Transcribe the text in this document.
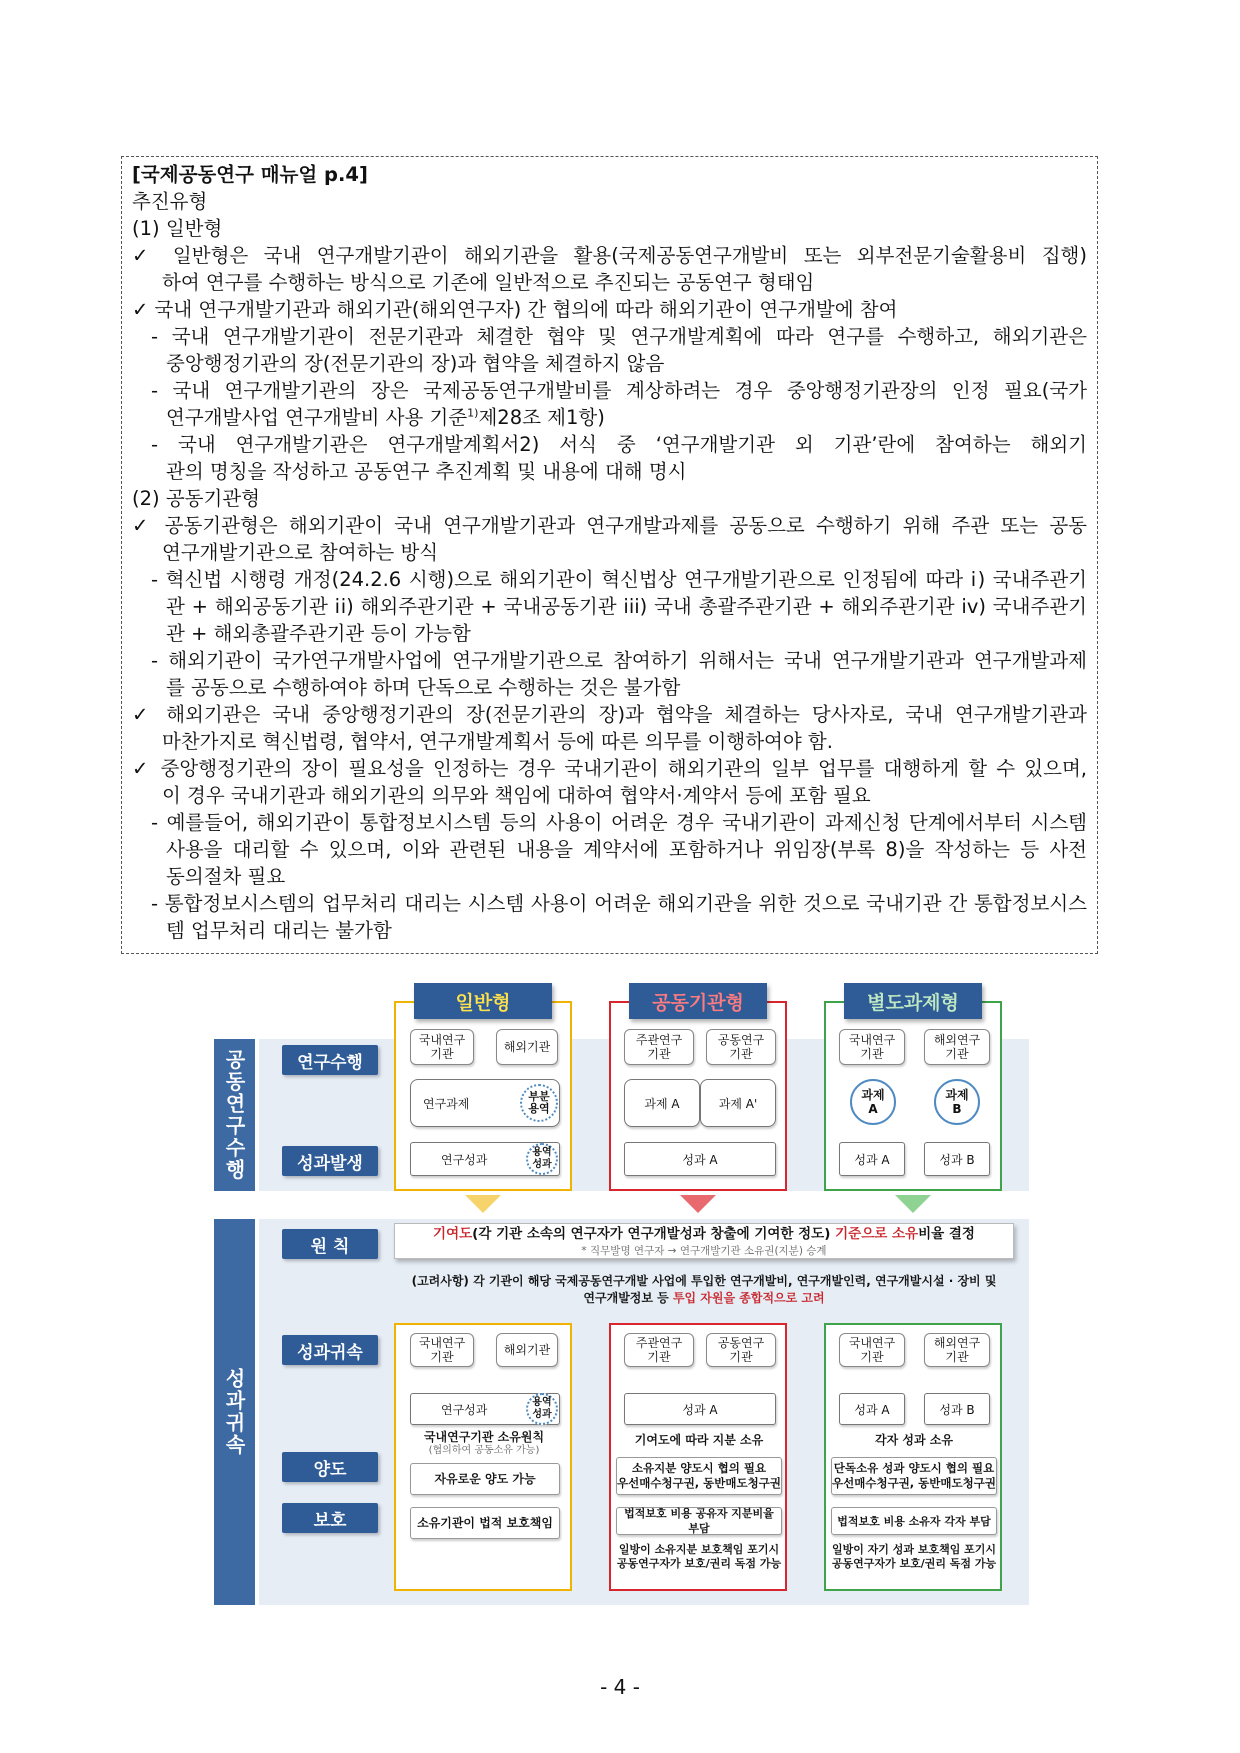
[국제공동연구 매뉴얼 p.4]
추진유형
(1) 일반형
✓ 일반형은 국내 연구개발기관이 해외기관을 활용(국제공동연구개발비 또는 외부전문기술활용비 집행)
하여 연구를 수행하는 방식으로 기존에 일반적으로 추진되는 공동연구 형태임
✓ 국내 연구개발기관과 해외기관(해외연구자) 간 협의에 따라 해외기관이 연구개발에 참여
- 국내 연구개발기관이 전문기관과 체결한 협약 및 연구개발계획에 따라 연구를 수행하고, 해외기관은
중앙행정기관의 장(전문기관의 장)과 협약을 체결하지 않음
- 국내 연구개발기관의 장은 국제공동연구개발비를 계상하려는 경우 중앙행정기관장의 인정 필요(국가
연구개발사업 연구개발비 사용 기준$^{1)}$제28조 제1항)
- 국내 연구개발기관은 연구개발계획서2) 서식 중 ‘연구개발기관 외 기관’란에 참여하는 해외기
관의 명칭을 작성하고 공동연구 추진계획 및 내용에 대해 명시
(2) 공동기관형
✓ 공동기관형은 해외기관이 국내 연구개발기관과 연구개발과제를 공동으로 수행하기 위해 주관 또는 공동
연구개발기관으로 참여하는 방식
- 혁신법 시행령 개정(24.2.6 시행)으로 해외기관이 혁신법상 연구개발기관으로 인정됨에 따라 ⅰ) 국내주관기
관 + 해외공동기관 ⅰi) 해외주관기관 + 국내공동기관 iii) 국내 총괄주관기관 + 해외주관기관 iv) 국내주관기
관 + 해외총괄주관기관 등이 가능함
- 해외기관이 국가연구개발사업에 연구개발기관으로 참여하기 위해서는 국내 연구개발기관과 연구개발과제
를 공동으로 수행하여야 하며 단독으로 수행하는 것은 불가함
✓ 해외기관은 국내 중앙행정기관의 장(전문기관의 장)과 협약을 체결하는 당사자로, 국내 연구개발기관과
마찬가지로 혁신법령, 협약서, 연구개발계획서 등에 따른 의무를 이행하여야 함.
✓ 중앙행정기관의 장이 필요성을 인정하는 경우 국내기관이 해외기관의 일부 업무를 대행하게 할 수 있으며,
이 경우 국내기관과 해외기관의 의무와 책임에 대하여 협약서·계약서 등에 포함 필요
- 예를들어, 해외기관이 통합정보시스템 등의 사용이 어려운 경우 국내기관이 과제신청 단계에서부터 시스템
사용을 대리할 수 있으며, 이와 관련된 내용을 계약서에 포함하거나 위임장(부록 8)을 작성하는 등 사전
동의절차 필요
- 통합정보시스템의 업무처리 대리는 시스템 사용이 어려운 해외기관을 위한 것으로 국내기관 간 통합정보시스
템 업무처리 대리는 불가함
공동연구수행
성과귀속
연구수행
성과발생
원 칙
성과귀속
양도
보호
일반형	공동기관형	별도과제형
국내연구
기관	해외기관
연구과제	부분
용역
연구성과	용역
성과
주관연구
기관
공동연구
기관
과제 A	과제 A'
성과 A
국내연구
기관
해외연구
기관
과제
A
과제
B
성과 A	성과 B
기여도(각 기관 소속의 연구자가 연구개발성과 창출에 기여한 정도) 기준으로 소유비율 결정
* 직무발명 연구자 → 연구개발기관 소유권(지분) 승계
(고려사항) 각 기관이 해당 국제공동연구개발 사업에 투입한 연구개발비, 연구개발인력, 연구개발시설 · 장비 및
연구개발정보 등 투입 자원을 종합적으로 고려
국내연구
기관	해외기관
연구성과	용역
성과
국내연구기관 소유원칙
(협의하여 공동소유 가능)
자유로운 양도 가능
소유기관이 법적 보호책임
주관연구
기관
공동연구
기관
성과 A
기여도에 따라 지분 소유
소유지분 양도시 협의 필요
우선매수청구권, 동반매도청구권
법적보호 비용 공유자 지분비율 부담
일방이 소유지분 보호책임 포기시
공동연구자가 보호/권리 독점 가능
국내연구
기관
해외연구
기관
성과 A	성과 B
각자 성과 소유
단독소유 성과 양도시 협의 필요
우선매수청구권, 동반매도청구권
법적보호 비용 소유자 각자 부담
일방이 자기 성과 보호책임 포기시
공동연구자가 보호/권리 독점 가능
- 4 -
